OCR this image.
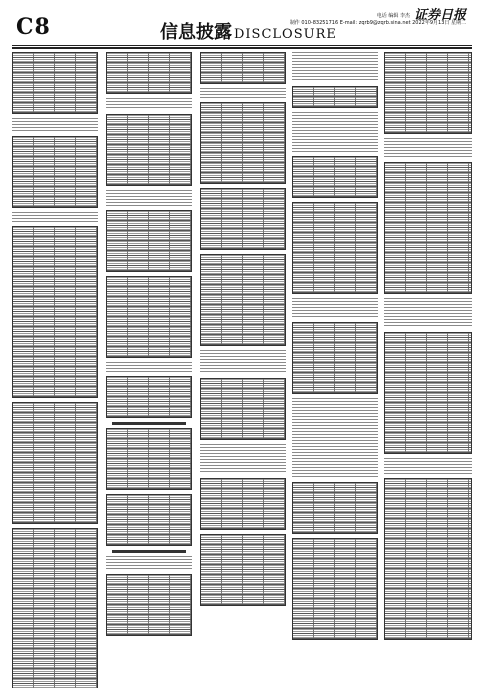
C8	信息披露 DISCLOSURE
电话 编辑 李杰 证券日报
制作 010-83251716 E-mail: zqrb9@zqrb.sina.net 2022年9月13日 星期二
